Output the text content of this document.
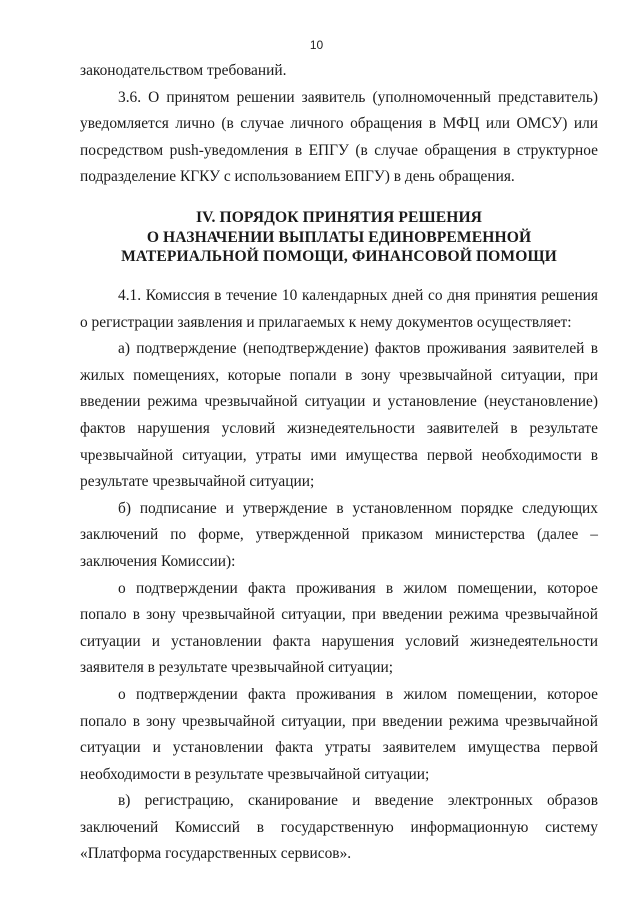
10

законодательством требований.

3.6. О принятом решении заявитель (уполномоченный представитель) уведомляется лично (в случае личного обращения в МФЦ или ОМСУ) или посредством push-уведомления в ЕПГУ (в случае обращения в структурное подразделение КГКУ с использованием ЕПГУ) в день обращения.

IV. ПОРЯДОК ПРИНЯТИЯ РЕШЕНИЯ
О НАЗНАЧЕНИИ ВЫПЛАТЫ ЕДИНОВРЕМЕННОЙ
МАТЕРИАЛЬНОЙ ПОМОЩИ, ФИНАНСОВОЙ ПОМОЩИ

4.1. Комиссия в течение 10 календарных дней со дня принятия решения о регистрации заявления и прилагаемых к нему документов осуществляет:

а) подтверждение (неподтверждение) фактов проживания заявителей в жилых помещениях, которые попали в зону чрезвычайной ситуации, при введении режима чрезвычайной ситуации и установление (неустановление) фактов нарушения условий жизнедеятельности заявителей в результате чрезвычайной ситуации, утраты ими имущества первой необходимости в результате чрезвычайной ситуации;

б) подписание и утверждение в установленном порядке следующих заключений по форме, утвержденной приказом министерства (далее – заключения Комиссии):

о подтверждении факта проживания в жилом помещении, которое попало в зону чрезвычайной ситуации, при введении режима чрезвычайной ситуации и установлении факта нарушения условий жизнедеятельности заявителя в результате чрезвычайной ситуации;

о подтверждении факта проживания в жилом помещении, которое попало в зону чрезвычайной ситуации, при введении режима чрезвычайной ситуации и установлении факта утраты заявителем имущества первой необходимости в результате чрезвычайной ситуации;

в) регистрацию, сканирование и введение электронных образов заключений Комиссий в государственную информационную систему «Платформа государственных сервисов».
